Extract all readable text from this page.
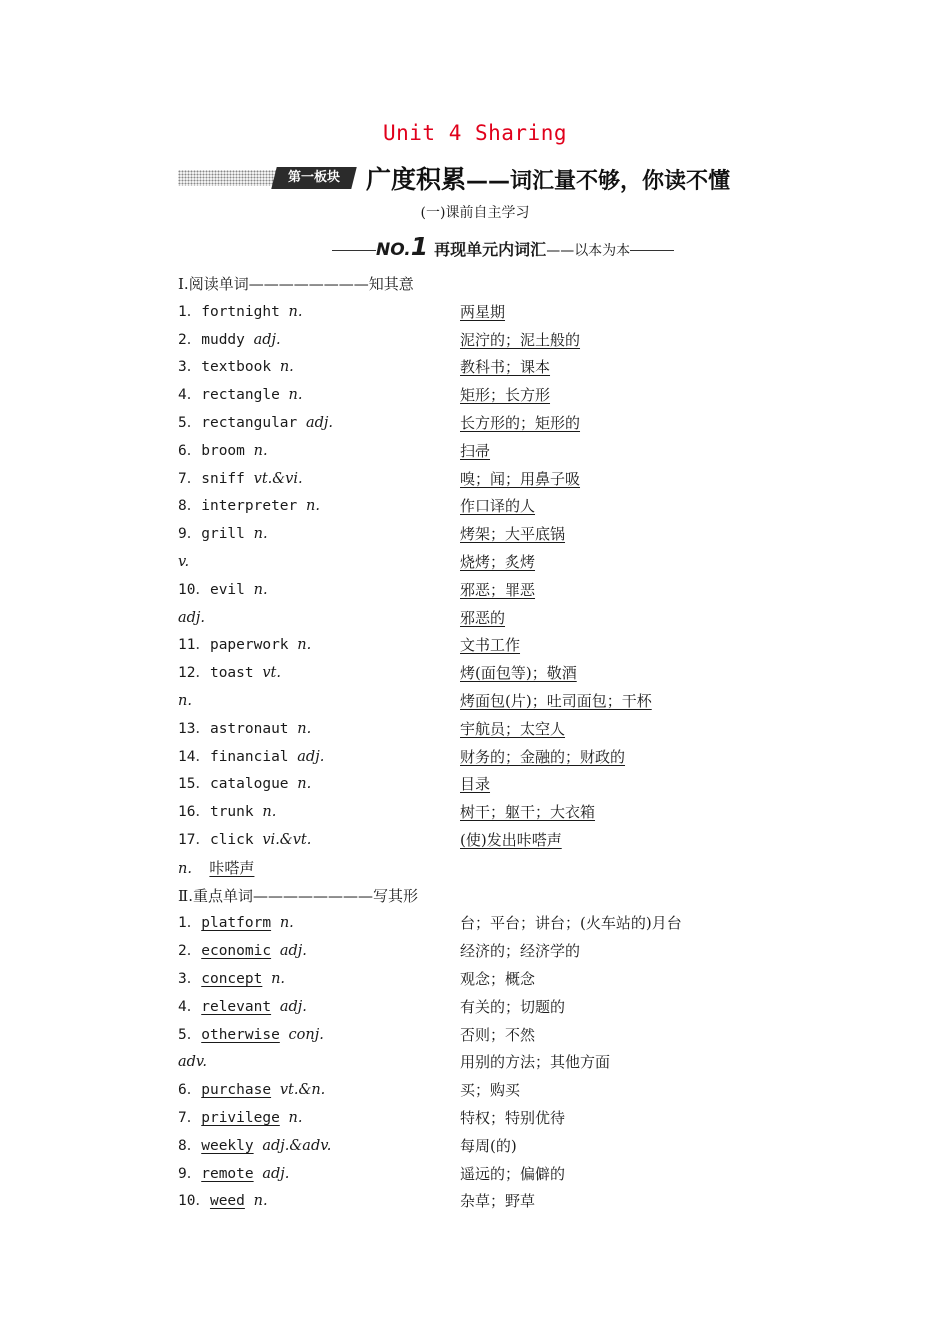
Unit 4 Sharing
第一板块	广度积累——词汇量不够，你读不懂
(一)课前自主学习
NO.1 再现单元内词汇——以本为本
Ⅰ.阅读单词————————知其意
1．fortnight n.	两星期
2．muddy adj.	泥泞的；泥土般的
3．textbook n.	教科书；课本
4．rectangle n.	矩形；长方形
5．rectangular adj.	长方形的；矩形的
6．broom n.	扫帚
7．sniff vt.&vi.	嗅；闻；用鼻子吸
8．interpreter n.	作口译的人
9．grill n.	烤架；大平底锅
v.	烧烤；炙烤
10．evil n.	邪恶；罪恶
adj.	邪恶的
11．paperwork n.	文书工作
12．toast vt.	烤(面包等)；敬酒
n.	烤面包(片)；吐司面包；干杯
13．astronaut n.	宇航员；太空人
14．financial adj.	财务的；金融的；财政的
15．catalogue n.	目录
16．trunk n.	树干；躯干；大衣箱
17．click vi.&vt.	(使)发出咔嗒声
n. 咔嗒声
Ⅱ.重点单词————————写其形
1．platform n.	台；平台；讲台；(火车站的)月台
2．economic adj.	经济的；经济学的
3．concept n.	观念；概念
4．relevant adj.	有关的；切题的
5．otherwise conj.	否则；不然
adv.	用别的方法；其他方面
6．purchase vt.&n.	买；购买
7．privilege n.	特权；特别优待
8．weekly adj.&adv.	每周(的)
9．remote adj.	遥远的；偏僻的
10．weed n.	杂草；野草
